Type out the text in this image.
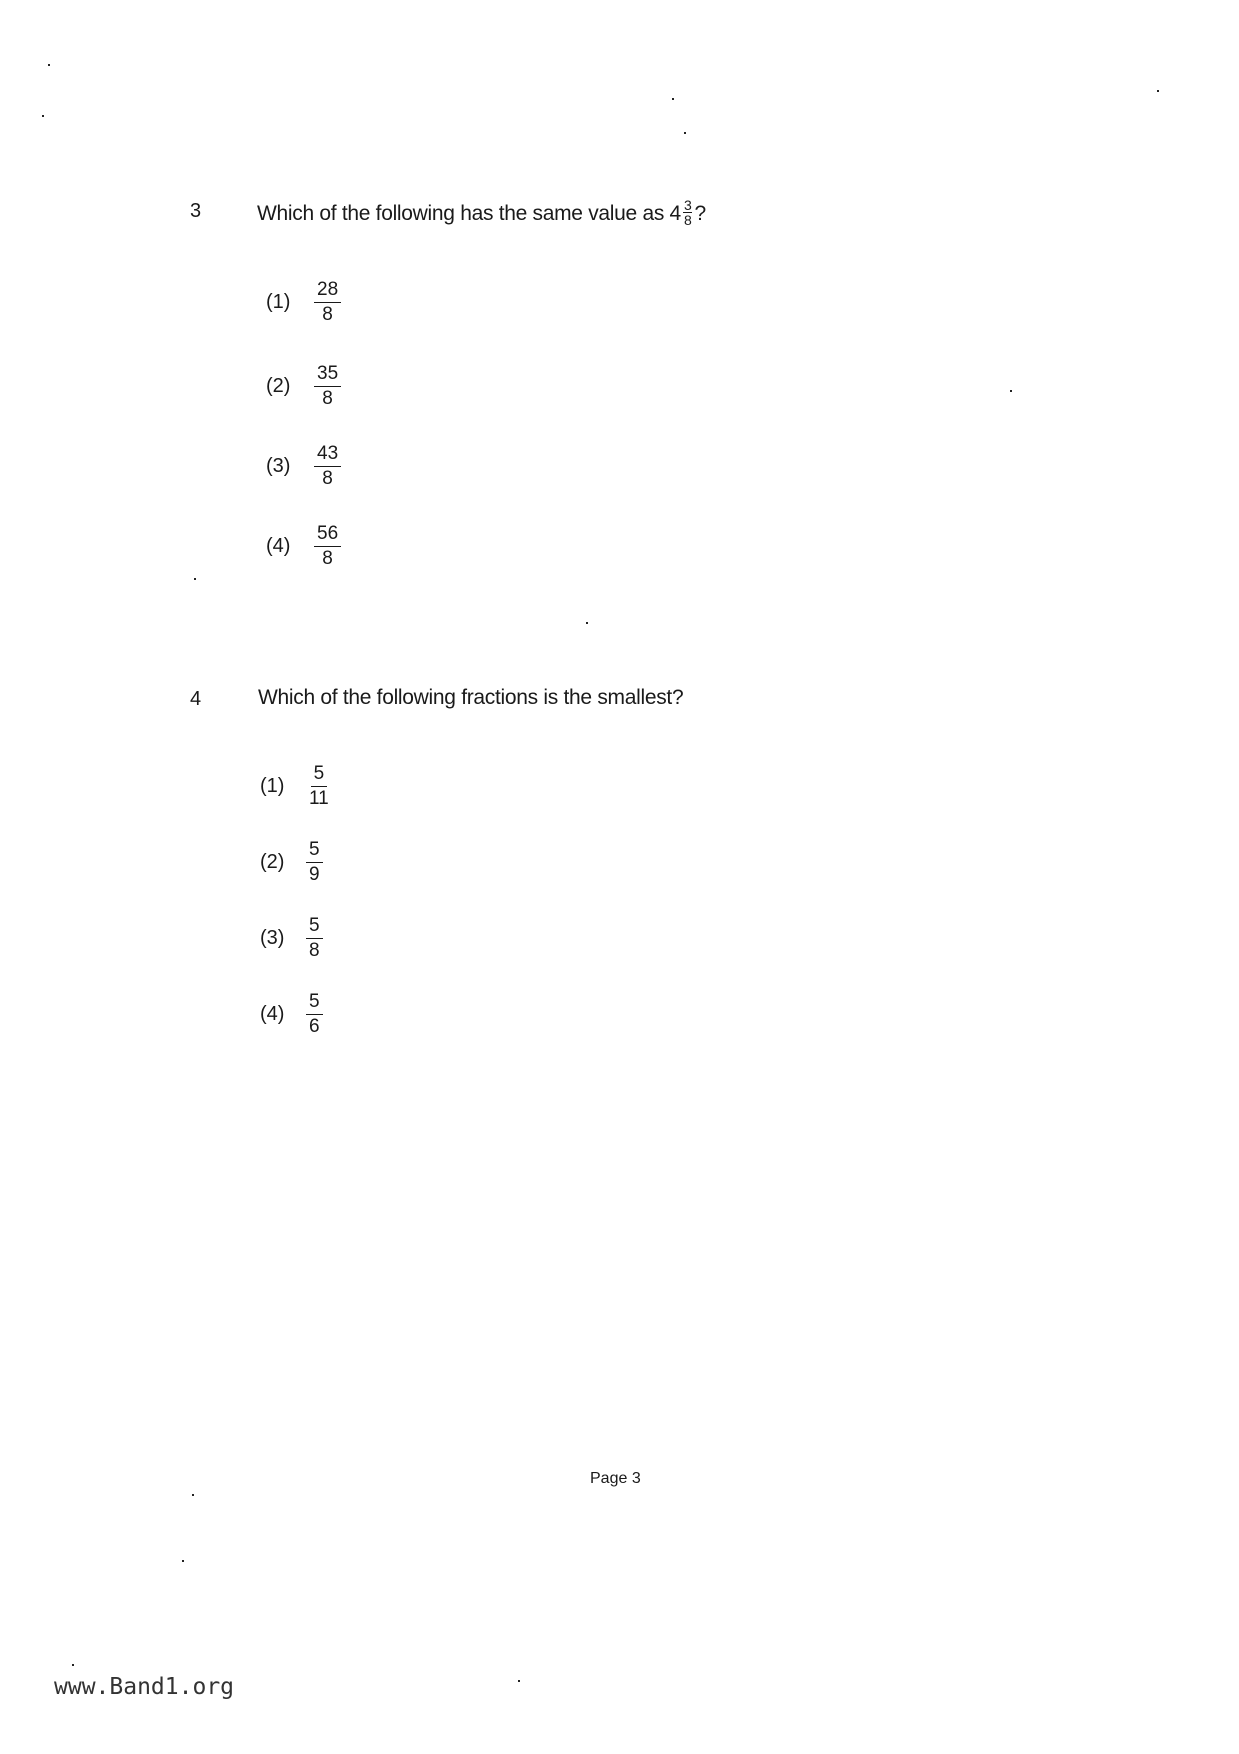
3	Which of the following has the same value as $4 \frac{3}{8}$ ?
(1)	$\frac{28}{8}$
(2)	$\frac{35}{8}$
(3)	$\frac{43}{8}$
(4)	$\frac{56}{8}$
4	Which of the following fractions is the smallest?
(1)	$\frac{5}{11}$
(2)	$\frac{5}{9}$
(3)	$\frac{5}{8}$
(4)	$\frac{5}{6}$
Page 3
www.Band1.org
